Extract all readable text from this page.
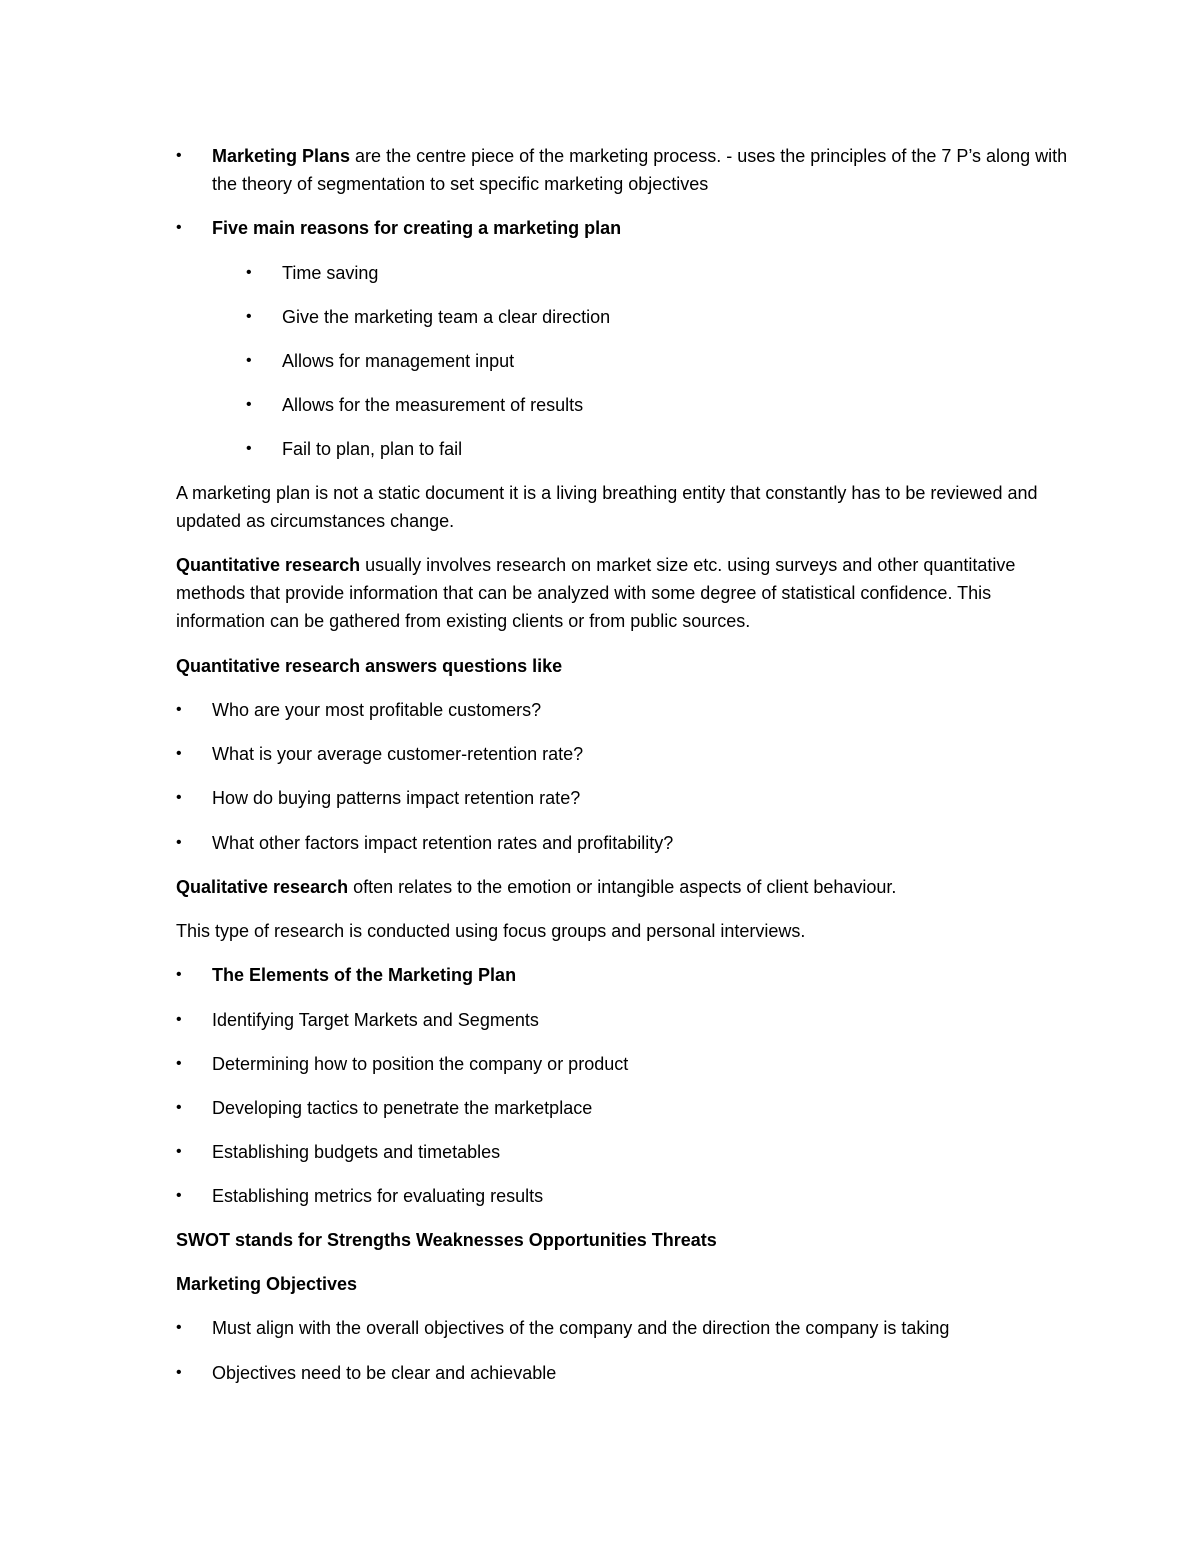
• Marketing Plans are the centre piece of the marketing process. - uses the principles of the 7 P’s along with the theory of segmentation to set specific marketing objectives

• Five main reasons for creating a marketing plan

• Time saving

• Give the marketing team a clear direction

• Allows for management input

• Allows for the measurement of results

• Fail to plan, plan to fail

A marketing plan is not a static document it is a living breathing entity that constantly has to be reviewed and updated as circumstances change.

Quantitative research usually involves research on market size etc. using surveys and other quantitative methods that provide information that can be analyzed with some degree of statistical confidence. This information can be gathered from existing clients or from public sources.

Quantitative research answers questions like

• Who are your most profitable customers?

• What is your average customer-retention rate?

• How do buying patterns impact retention rate?

• What other factors impact retention rates and profitability?

Qualitative research often relates to the emotion or intangible aspects of client behaviour.

This type of research is conducted using focus groups and personal interviews.

• The Elements of the Marketing Plan

• Identifying Target Markets and Segments

• Determining how to position the company or product

• Developing tactics to penetrate the marketplace

• Establishing budgets and timetables

• Establishing metrics for evaluating results

SWOT stands for Strengths Weaknesses Opportunities Threats

Marketing Objectives

• Must align with the overall objectives of the company and the direction the company is taking

• Objectives need to be clear and achievable
